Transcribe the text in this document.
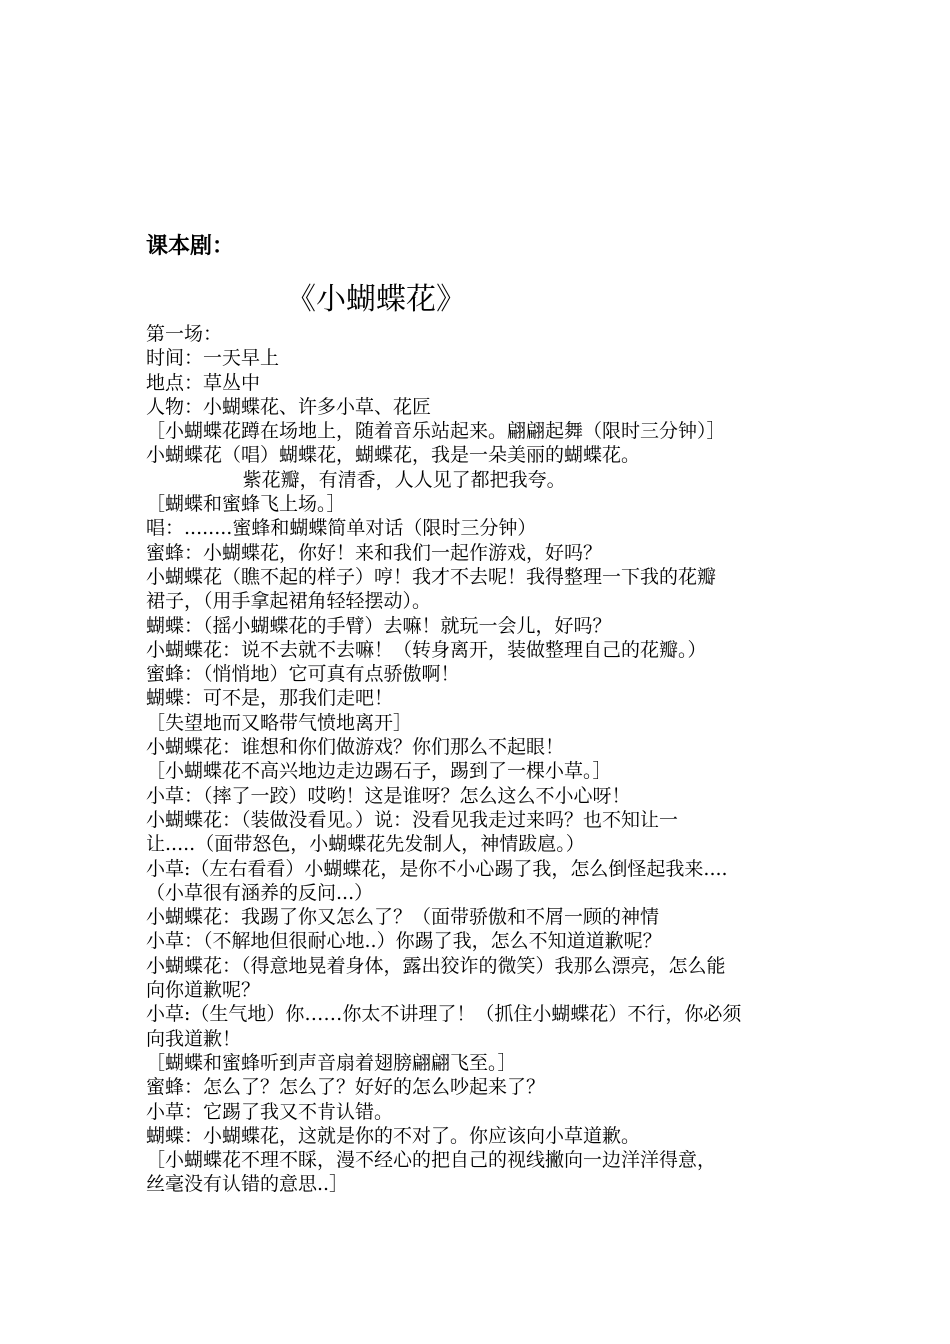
课本剧：
《小蝴蝶花》
第一场：
时间：一天早上
地点：草丛中
人物：小蝴蝶花、许多小草、花匠
［小蝴蝶花蹲在场地上，随着音乐站起来。翩翩起舞（限时三分钟）］
小蝴蝶花（唱）蝴蝶花，蝴蝶花，我是一朵美丽的蝴蝶花。
紫花瓣，有清香，人人见了都把我夸。
［蝴蝶和蜜蜂飞上场。］
唱：........蜜蜂和蝴蝶简单对话（限时三分钟）
蜜蜂：小蝴蝶花，你好！来和我们一起作游戏，好吗？
小蝴蝶花（瞧不起的样子）哼！我才不去呢！我得整理一下我的花瓣
裙子，（用手拿起裙角轻轻摆动）。
蝴蝶：（摇小蝴蝶花的手臂）去嘛！就玩一会儿，好吗？
小蝴蝶花：说不去就不去嘛！（转身离开，装做整理自己的花瓣。）
蜜蜂：（悄悄地）它可真有点骄傲啊！
蝴蝶：可不是，那我们走吧！
［失望地而又略带气愤地离开］
小蝴蝶花：谁想和你们做游戏？你们那么不起眼！
［小蝴蝶花不高兴地边走边踢石子，踢到了一棵小草。］
小草：（摔了一跤）哎哟！这是谁呀？怎么这么不小心呀！
小蝴蝶花：（装做没看见。）说：没看见我走过来吗？也不知让一
让.....（面带怒色，小蝴蝶花先发制人，神情跋扈。）
小草:（左右看看）小蝴蝶花，是你不小心踢了我，怎么倒怪起我来....
（小草很有涵养的反问...）
小蝴蝶花：我踢了你又怎么了？（面带骄傲和不屑一顾的神情
小草：（不解地但很耐心地..）你踢了我，怎么不知道道歉呢？
小蝴蝶花：（得意地晃着身体，露出狡诈的微笑）我那么漂亮，怎么能
向你道歉呢？
小草:（生气地）你……你太不讲理了！（抓住小蝴蝶花）不行，你必须
向我道歉！
［蝴蝶和蜜蜂听到声音扇着翅膀翩翩飞至。］
蜜蜂：怎么了？怎么了？好好的怎么吵起来了？
小草：它踢了我又不肯认错。
蝴蝶：小蝴蝶花，这就是你的不对了。你应该向小草道歉。
［小蝴蝶花不理不睬，漫不经心的把自己的视线撇向一边洋洋得意，
丝毫没有认错的意思..］
